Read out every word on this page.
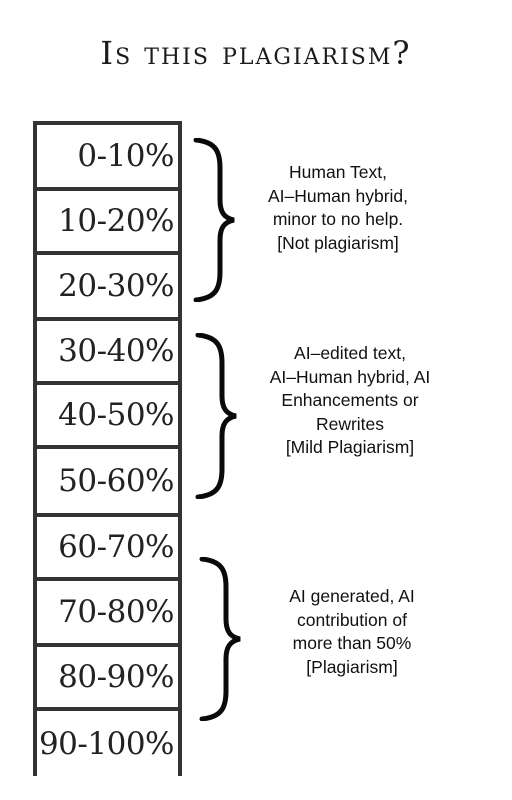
Is this plagiarism?
0-10%
10-20%
20-30%
30-40%
40-50%
50-60%
60-70%
70-80%
80-90%
90-100%
Human Text,
AI–Human hybrid,
minor to no help.
[Not plagiarism]
AI–edited text,
AI–Human hybrid, AI
Enhancements or
Rewrites
[Mild Plagiarism]
AI generated, AI
contribution of
more than 50%
[Plagiarism]
